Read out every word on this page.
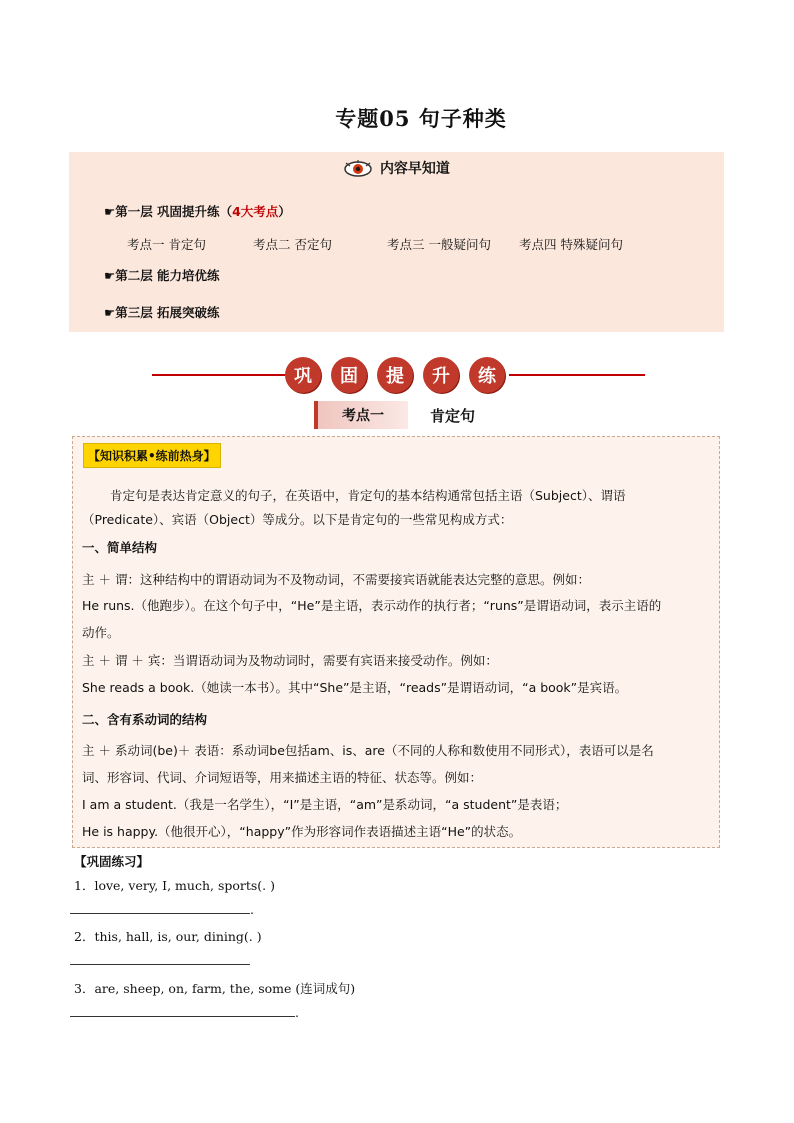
专题05 句子种类
内容早知道
☛第一层 巩固提升练（4大考点）
考点一 肯定句	考点二 否定句	考点三 一般疑问句 考点四 特殊疑问句
☛第二层 能力培优练
☛第三层 拓展突破练
巩	固	提	升	练
考点一	肯定句
【知识积累•练前热身】
肯定句是表达肯定意义的句子，在英语中，肯定句的基本结构通常包括主语（Subject）、谓语
（Predicate）、宾语（Object）等成分。以下是肯定句的一些常见构成方式：
一、简单结构
主 ＋ 谓：这种结构中的谓语动词为不及物动词，不需要接宾语就能表达完整的意思。例如：
He runs.（他跑步）。在这个句子中，“He”是主语，表示动作的执行者；“runs”是谓语动词，表示主语的
动作。
主 ＋ 谓 ＋ 宾：当谓语动词为及物动词时，需要有宾语来接受动作。例如：
She reads a book.（她读一本书）。其中“She”是主语，“reads”是谓语动词，“a book”是宾语。
二、含有系动词的结构
主 ＋ 系动词(be)＋ 表语：系动词be包括am、is、are（不同的人称和数使用不同形式），表语可以是名
词、形容词、代词、介词短语等，用来描述主语的特征、状态等。例如：
I am a student.（我是一名学生），“I”是主语，“am”是系动词，“a student”是表语；
He is happy.（他很开心），“happy”作为形容词作表语描述主语“He”的状态。
【巩固练习】
1．love, very, I, much, sports(. )
.
2．this, hall, is, our, dining(. )
3．are, sheep, on, farm, the, some (连词成句)
.
